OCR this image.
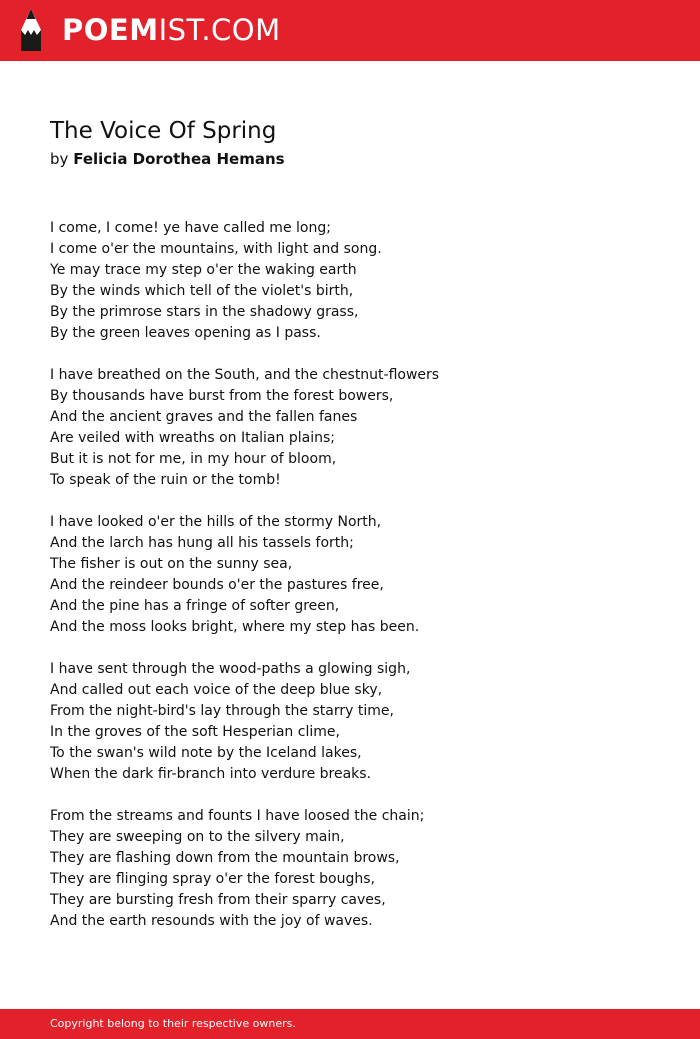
POEMIST.COM
The Voice Of Spring
by Felicia Dorothea Hemans

I come, I come! ye have called me long;
I come o'er the mountains, with light and song.
Ye may trace my step o'er the waking earth
By the winds which tell of the violet's birth,
By the primrose stars in the shadowy grass,
By the green leaves opening as I pass.

I have breathed on the South, and the chestnut-flowers
By thousands have burst from the forest bowers,
And the ancient graves and the fallen fanes
Are veiled with wreaths on Italian plains;
But it is not for me, in my hour of bloom,
To speak of the ruin or the tomb!

I have looked o'er the hills of the stormy North,
And the larch has hung all his tassels forth;
The fisher is out on the sunny sea,
And the reindeer bounds o'er the pastures free,
And the pine has a fringe of softer green,
And the moss looks bright, where my step has been.

I have sent through the wood-paths a glowing sigh,
And called out each voice of the deep blue sky,
From the night-bird's lay through the starry time,
In the groves of the soft Hesperian clime,
To the swan's wild note by the Iceland lakes,
When the dark fir-branch into verdure breaks.

From the streams and founts I have loosed the chain;
They are sweeping on to the silvery main,
They are flashing down from the mountain brows,
They are flinging spray o'er the forest boughs,
They are bursting fresh from their sparry caves,
And the earth resounds with the joy of waves.

Copyright belong to their respective owners.
